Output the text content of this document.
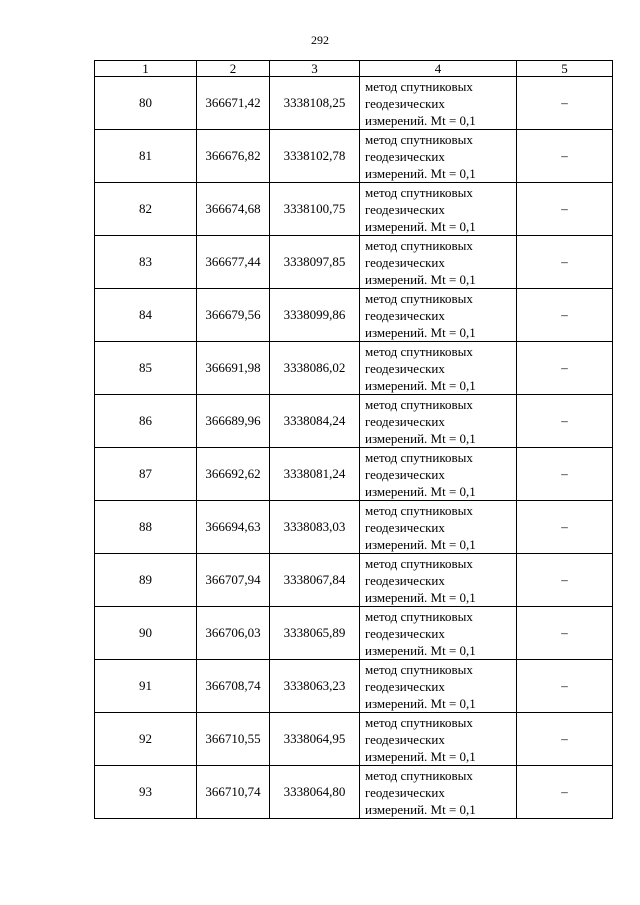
292
1	2	3	4	5
80	366671,42	3338108,25	метод спутниковых
геодезических
измерений. Mt = 0,1	–
81	366676,82	3338102,78	метод спутниковых
геодезических
измерений. Mt = 0,1	–
82	366674,68	3338100,75	метод спутниковых
геодезических
измерений. Mt = 0,1	–
83	366677,44	3338097,85	метод спутниковых
геодезических
измерений. Mt = 0,1	–
84	366679,56	3338099,86	метод спутниковых
геодезических
измерений. Mt = 0,1	–
85	366691,98	3338086,02	метод спутниковых
геодезических
измерений. Mt = 0,1	–
86	366689,96	3338084,24	метод спутниковых
геодезических
измерений. Mt = 0,1	–
87	366692,62	3338081,24	метод спутниковых
геодезических
измерений. Mt = 0,1	–
88	366694,63	3338083,03	метод спутниковых
геодезических
измерений. Mt = 0,1	–
89	366707,94	3338067,84	метод спутниковых
геодезических
измерений. Mt = 0,1	–
90	366706,03	3338065,89	метод спутниковых
геодезических
измерений. Mt = 0,1	–
91	366708,74	3338063,23	метод спутниковых
геодезических
измерений. Mt = 0,1	–
92	366710,55	3338064,95	метод спутниковых
геодезических
измерений. Mt = 0,1	–
93	366710,74	3338064,80	метод спутниковых
геодезических
измерений. Mt = 0,1	–
